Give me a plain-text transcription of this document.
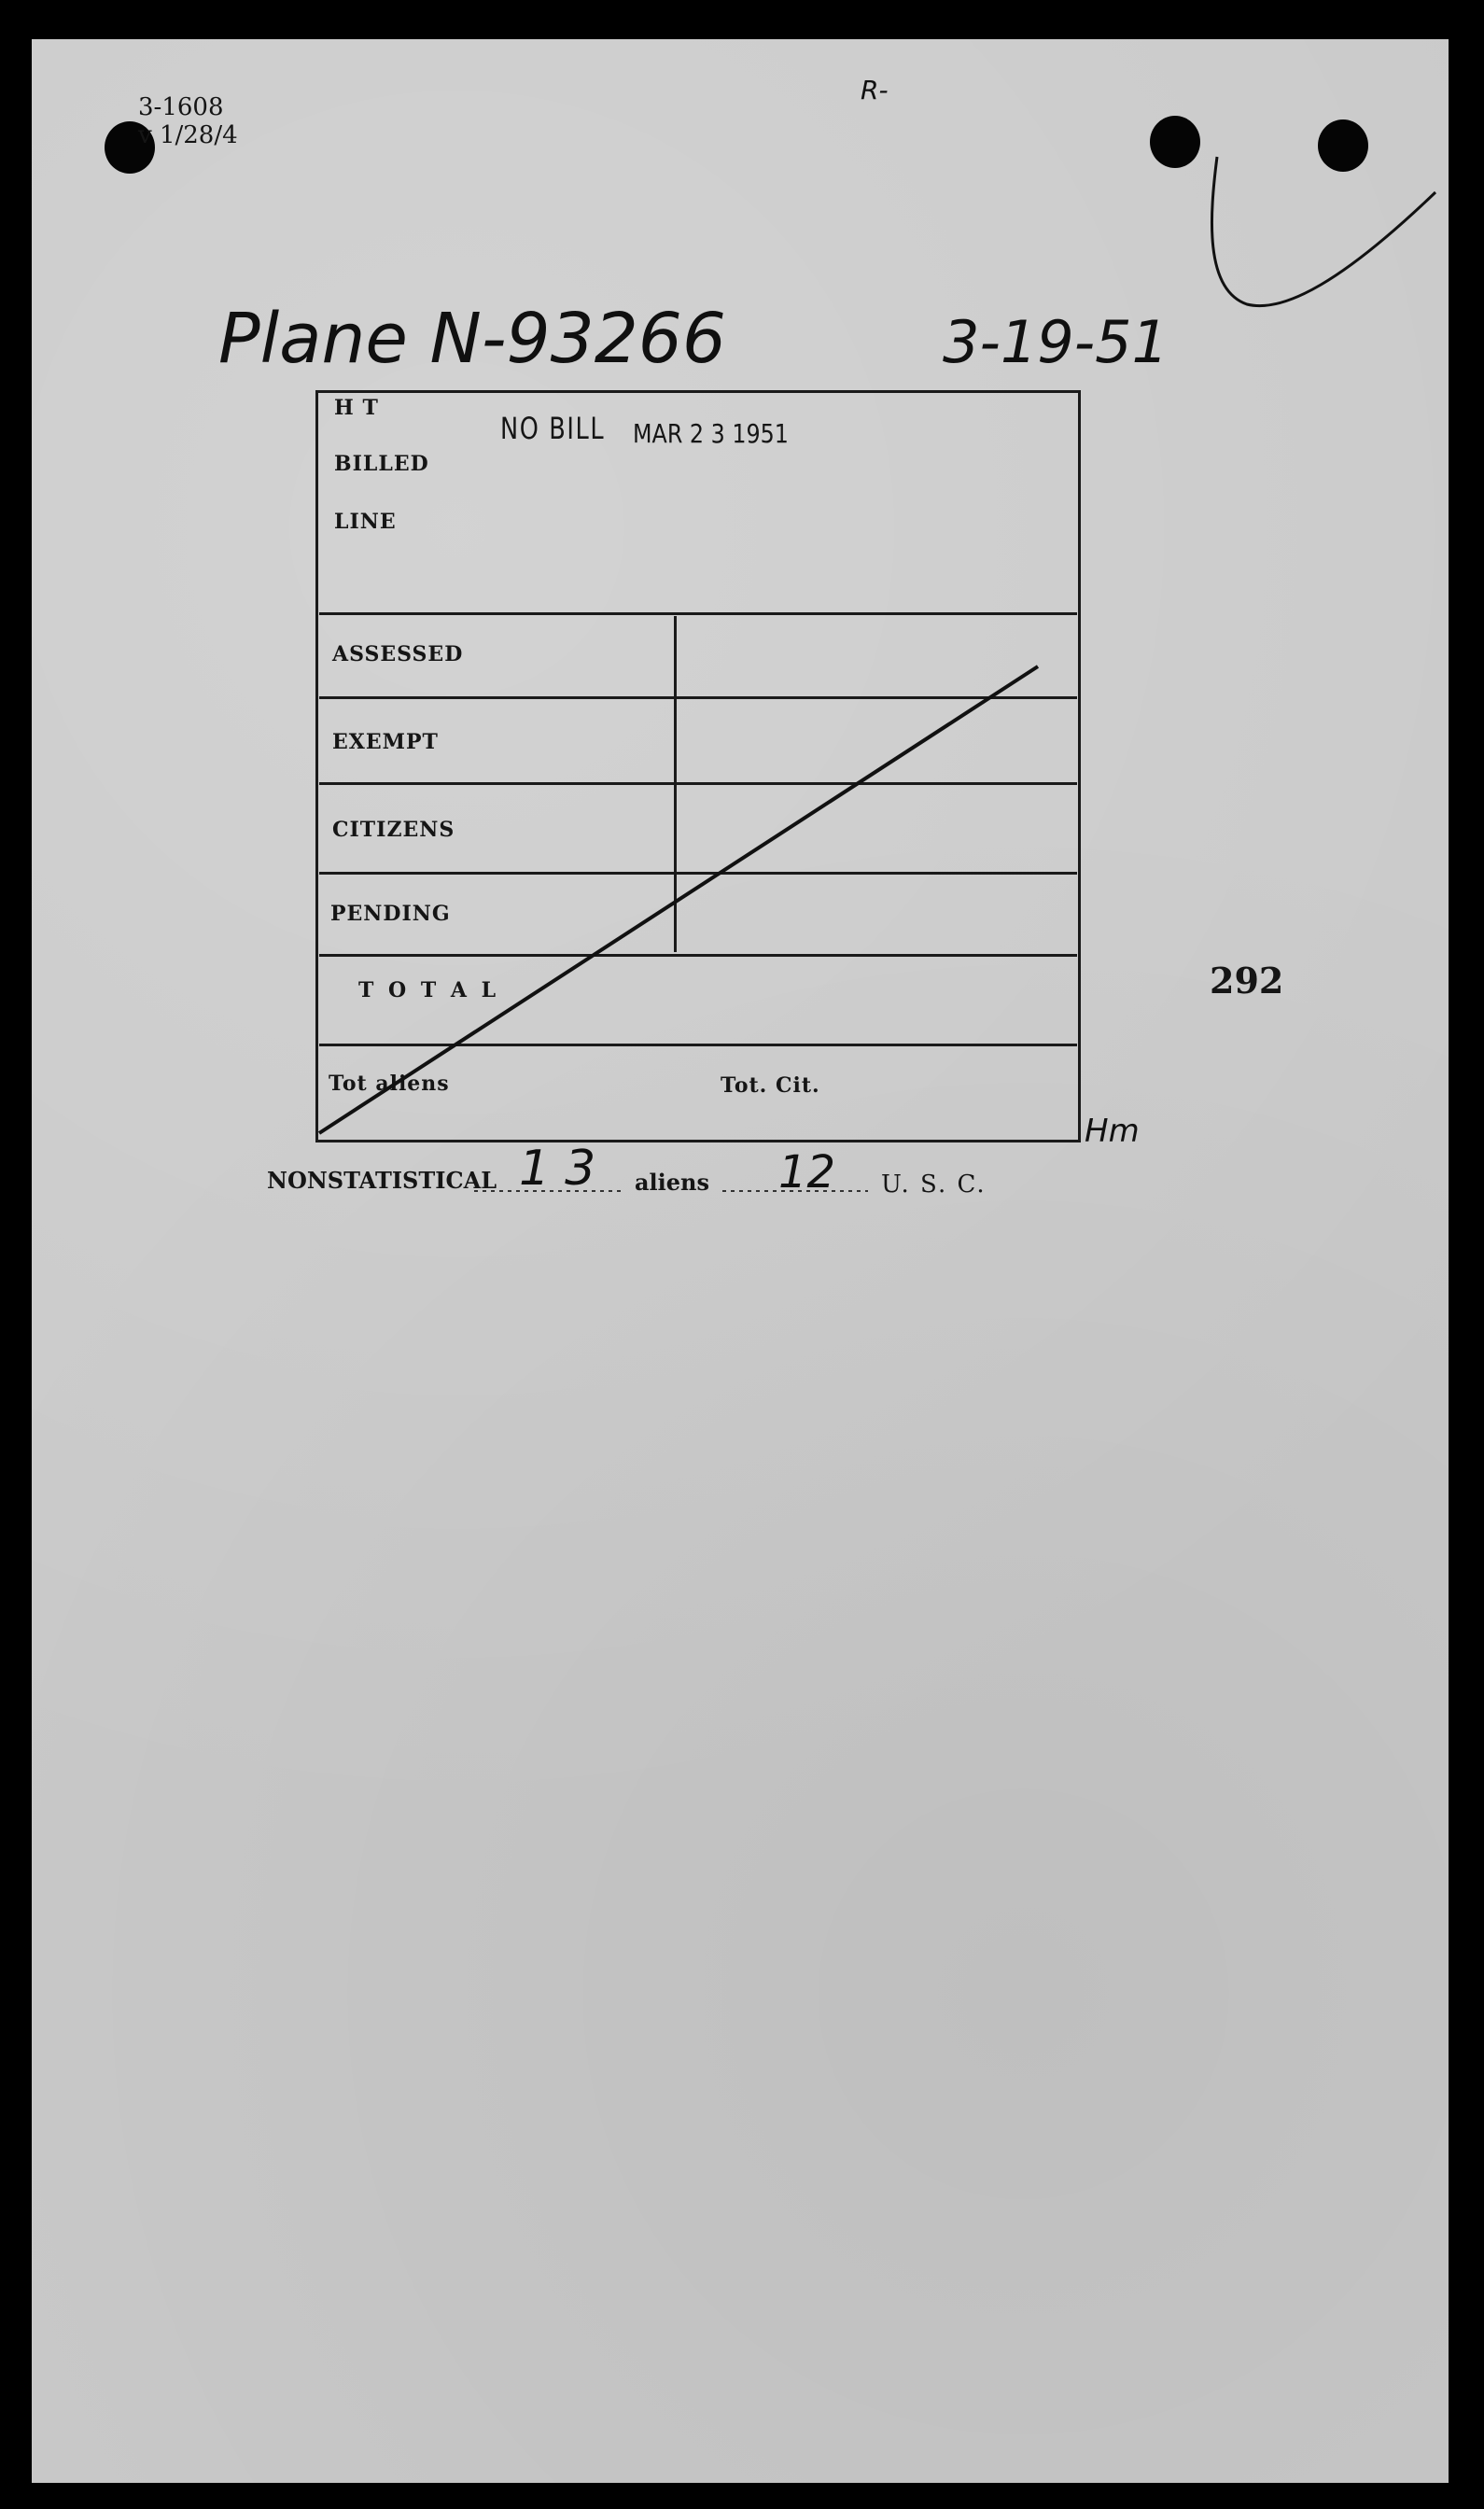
3-1608
v 1/28/4
R-
Plane N-93266	3-19-51
H T
BILLED
LINE
ASSESSED
EXEMPT
CITIZENS
PENDING
T O T A L
Tot aliens	Tot. Cit.
NO BILL MAR 2 3 1951
292
Hm
NONSTATISTICAL 13 aliens 12 U. S. C.
